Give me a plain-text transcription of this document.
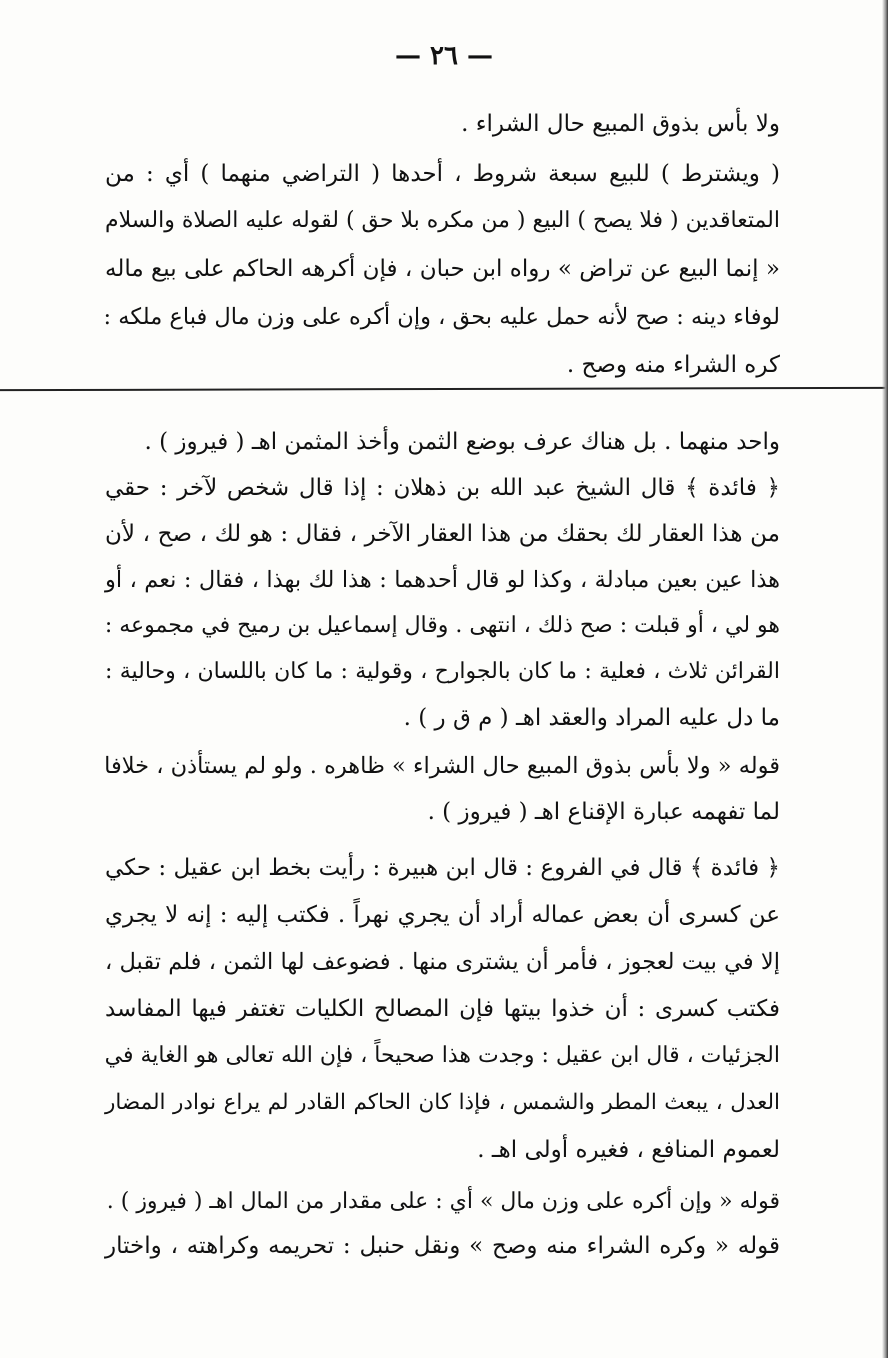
— ٢٦ —
ولا بأس بذوق المبيع حال الشراء .
( ويشترط ) للبيع سبعة شروط ، أحدها ( التراضي منهما ) أي : من
المتعاقدين ( فلا يصح ) البيع ( من مكره بلا حق ) لقوله عليه الصلاة والسلام
« إنما البيع عن تراض » رواه ابن حبان ، فإن أكرهه الحاكم على بيع ماله
لوفاء دينه : صح لأنه حمل عليه بحق ، وإن أكره على وزن مال فباع ملكه :
كره الشراء منه وصح .
واحد منهما . بل هناك عرف بوضع الثمن وأخذ المثمن اهـ ( فيروز ) .
﴿ فائدة ﴾ قال الشيخ عبد الله بن ذهلان : إذا قال شخص لآخر : حقي
من هذا العقار لك بحقك من هذا العقار الآخر ، فقال : هو لك ، صح ، لأن
هذا عين بعين مبادلة ، وكذا لو قال أحدهما : هذا لك بهذا ، فقال : نعم ، أو
هو لي ، أو قبلت : صح ذلك ، انتهى . وقال إسماعيل بن رميح في مجموعه :
القرائن ثلاث ، فعلية : ما كان بالجوارح ، وقولية : ما كان باللسان ، وحالية :
ما دل عليه المراد والعقد اهـ ( م ق ر ) .
قوله « ولا بأس بذوق المبيع حال الشراء » ظاهره . ولو لم يستأذن ، خلافا
لما تفهمه عبارة الإقناع اهـ ( فيروز ) .
﴿ فائدة ﴾ قال في الفروع : قال ابن هبيرة : رأيت بخط ابن عقيل : حكي
عن كسرى أن بعض عماله أراد أن يجري نهراً . فكتب إليه : إنه لا يجري
إلا في بيت لعجوز ، فأمر أن يشترى منها . فضوعف لها الثمن ، فلم تقبل ،
فكتب كسرى : أن خذوا بيتها فإن المصالح الكليات تغتفر فيها المفاسد
الجزئيات ، قال ابن عقيل : وجدت هذا صحيحاً ، فإن الله تعالى هو الغاية في
العدل ، يبعث المطر والشمس ، فإذا كان الحاكم القادر لم يراع نوادر المضار
لعموم المنافع ، فغيره أولى اهـ .
قوله « وإن أكره على وزن مال » أي : على مقدار من المال اهـ ( فيروز ) .
قوله « وكره الشراء منه وصح » ونقل حنبل : تحريمه وكراهته ، واختار
